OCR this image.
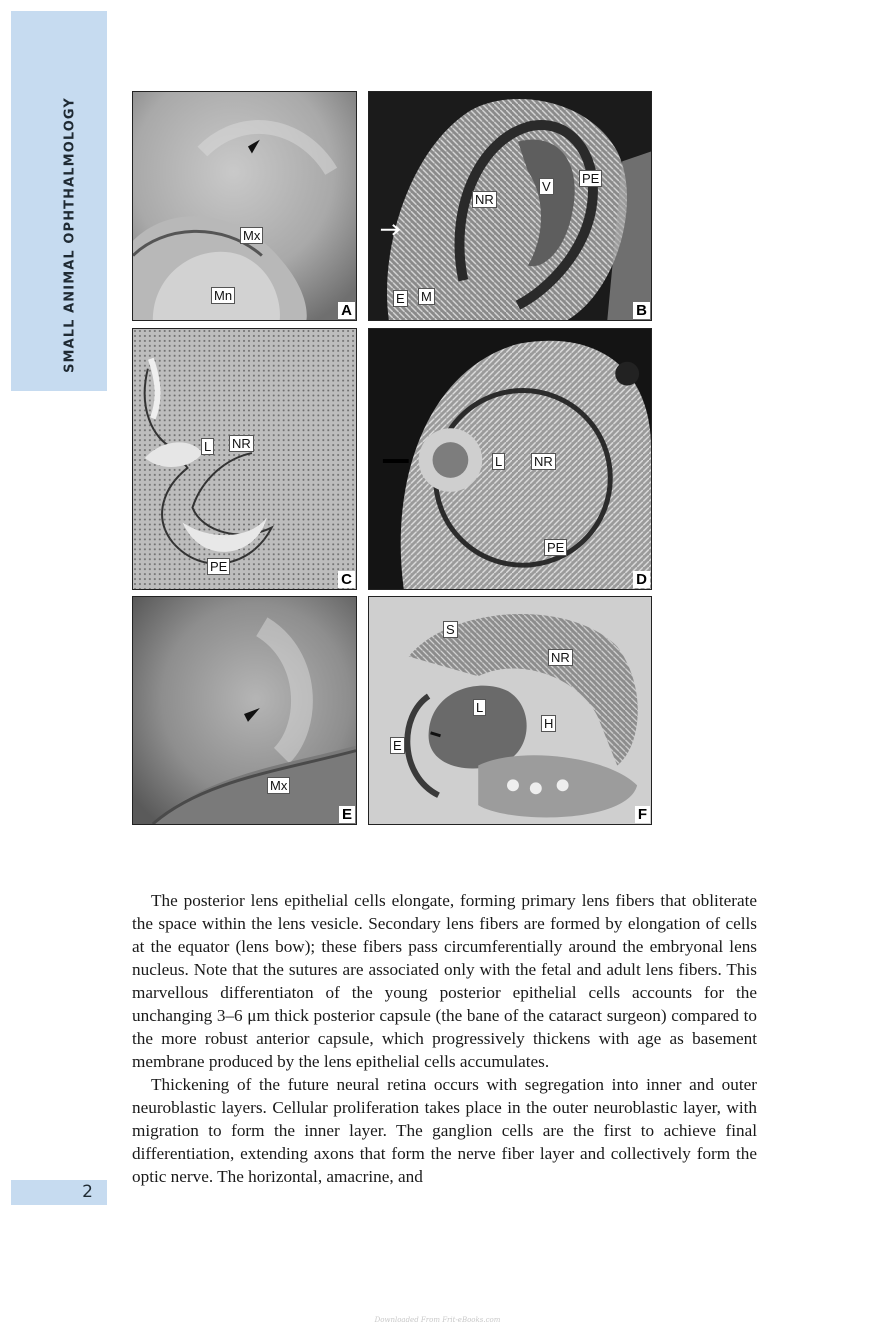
SMALL ANIMAL OPHTHALMOLOGY
2
Mx
Mn
A
NR
V
PE
E M
B
L NR
PE
C
L NR
PE
D
Mx
E
S
NR
L
H
E
F

The posterior lens epithelial cells elongate, forming primary lens fibers that obliterate the space within the lens vesicle. Secondary lens fibers are formed by elongation of cells at the equator (lens bow); these fibers pass circumferentially around the embryonal lens nucleus. Note that the sutures are associated only with the fetal and adult lens fibers. This marvellous differentiaton of the young posterior epithelial cells accounts for the unchanging 3–6 μm thick posterior capsule (the bane of the cataract surgeon) compared to the more robust anterior capsule, which progressively thickens with age as basement membrane produced by the lens epithelial cells accumulates.

Thickening of the future neural retina occurs with segregation into inner and outer neuroblastic layers. Cellular proliferation takes place in the outer neuroblastic layer, with migration to form the inner layer. The ganglion cells are the first to achieve final differentiation, extending axons that form the nerve fiber layer and collectively form the optic nerve. The horizontal, amacrine, and

Downloaded From Frit-eBooks.com
